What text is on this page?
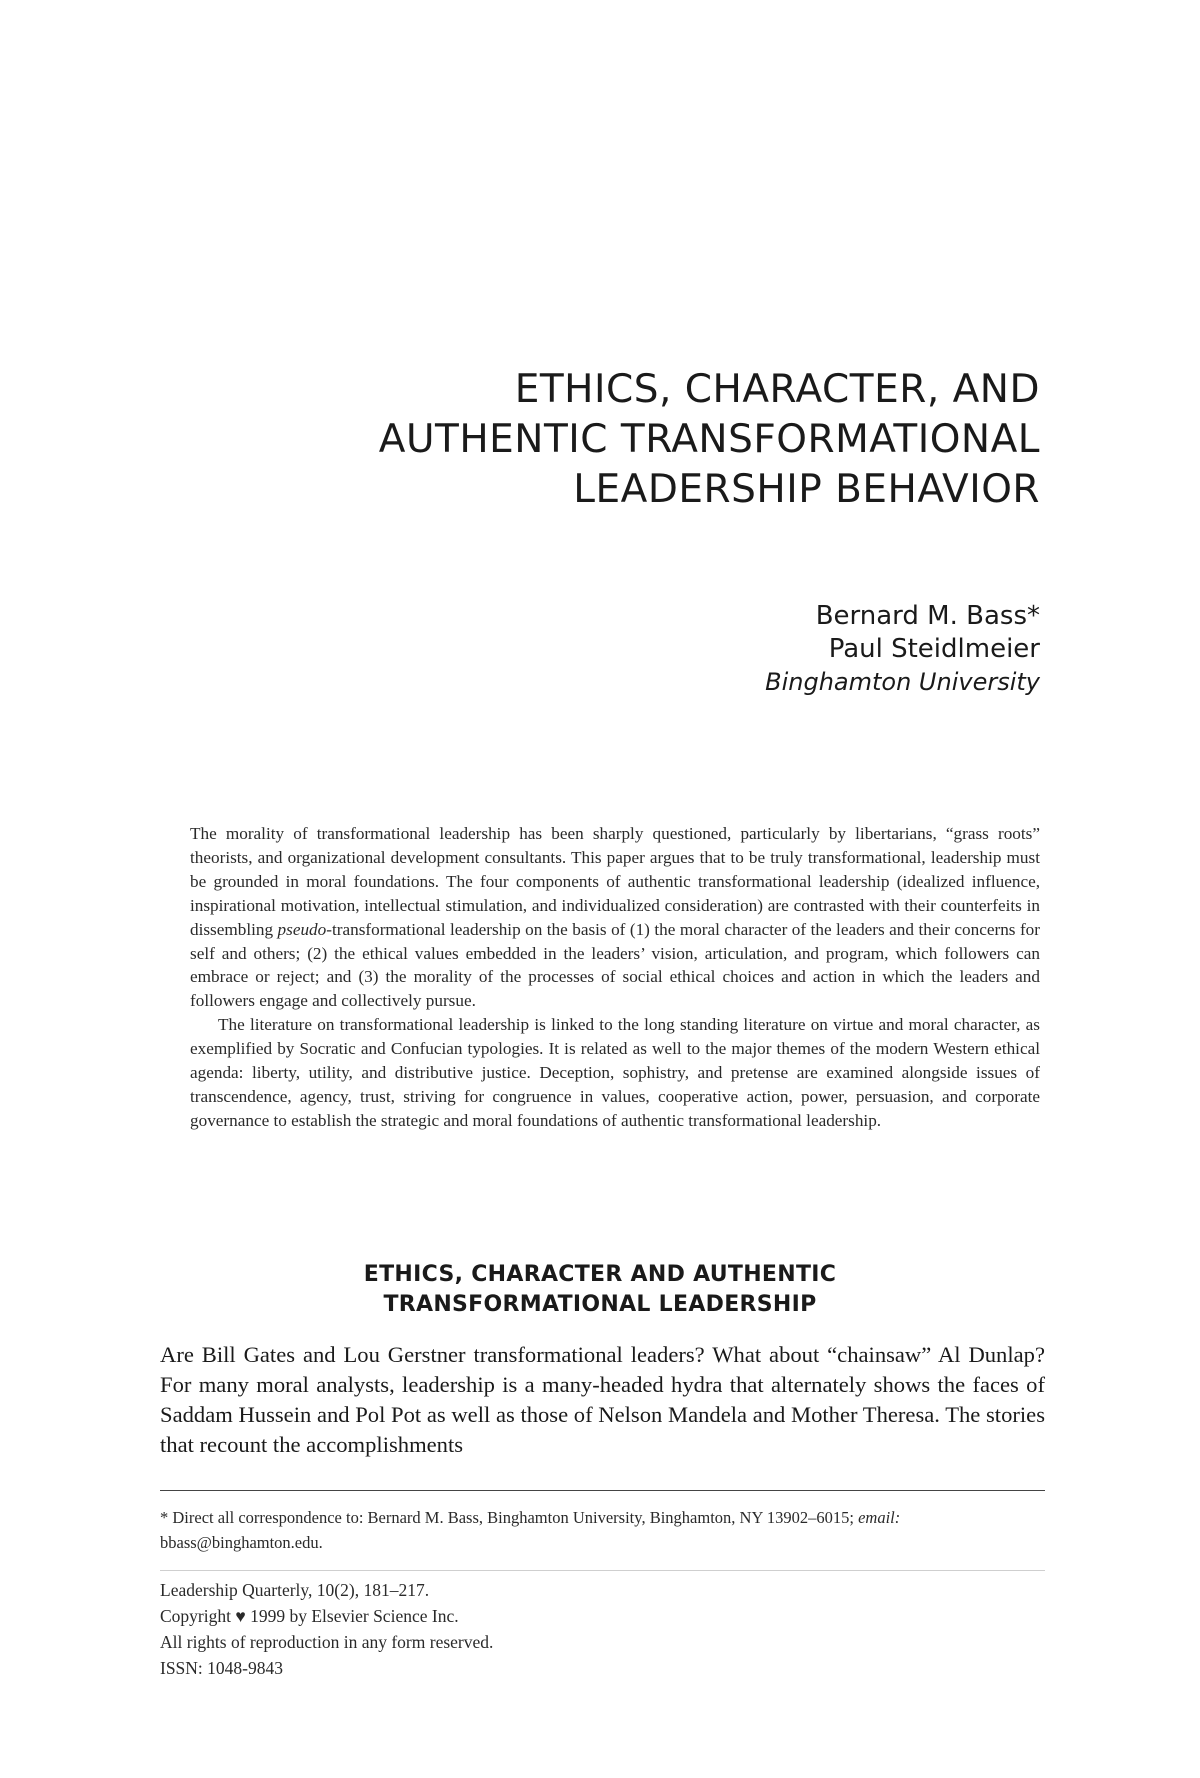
ETHICS, CHARACTER, AND
AUTHENTIC TRANSFORMATIONAL
LEADERSHIP BEHAVIOR
Bernard M. Bass*
Paul Steidlmeier
Binghamton University

The morality of transformational leadership has been sharply questioned, particularly by libertarians, “grass roots” theorists, and organizational development consultants. This paper argues that to be truly transformational, leadership must be grounded in moral foundations. The four components of authentic transformational leadership (idealized influence, inspirational motivation, intellectual stimulation, and individualized consideration) are contrasted with their counterfeits in dissembling pseudo-transformational leadership on the basis of (1) the moral character of the leaders and their concerns for self and others; (2) the ethical values embedded in the leaders’ vision, articulation, and program, which followers can embrace or reject; and (3) the morality of the processes of social ethical choices and action in which the leaders and followers engage and collectively pursue.

The literature on transformational leadership is linked to the long standing literature on virtue and moral character, as exemplified by Socratic and Confucian typologies. It is related as well to the major themes of the modern Western ethical agenda: liberty, utility, and distributive justice. Deception, sophistry, and pretense are examined alongside issues of transcendence, agency, trust, striving for congruence in values, cooperative action, power, persuasion, and corporate governance to establish the strategic and moral foundations of authentic transformational leadership.

ETHICS, CHARACTER AND AUTHENTIC
TRANSFORMATIONAL LEADERSHIP

Are Bill Gates and Lou Gerstner transformational leaders? What about “chainsaw” Al Dunlap? For many moral analysts, leadership is a many-headed hydra that alternately shows the faces of Saddam Hussein and Pol Pot as well as those of Nelson Mandela and Mother Theresa. The stories that recount the accomplishments

* Direct all correspondence to: Bernard M. Bass, Binghamton University, Binghamton, NY 13902–6015; email: bbass@binghamton.edu.

Leadership Quarterly, 10(2), 181–217.
Copyright ♥ 1999 by Elsevier Science Inc.
All rights of reproduction in any form reserved.
ISSN: 1048-9843
